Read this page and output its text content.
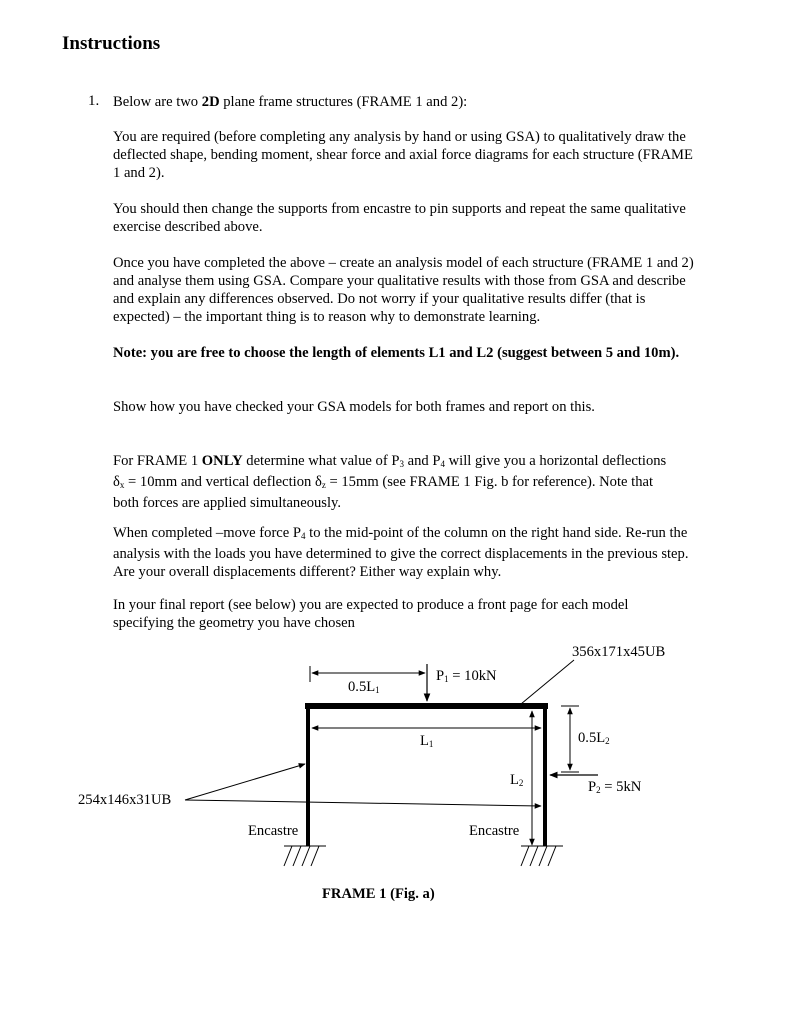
Instructions
1. Below are two 2D plane frame structures (FRAME 1 and 2):

You are required (before completing any analysis by hand or using GSA) to qualitatively draw the deflected shape, bending moment, shear force and axial force diagrams for each structure (FRAME 1 and 2).

You should then change the supports from encastre to pin supports and repeat the same qualitative exercise described above.

Once you have completed the above – create an analysis model of each structure (FRAME 1 and 2) and analyse them using GSA. Compare your qualitative results with those from GSA and describe and explain any differences observed. Do not worry if your qualitative results differ (that is expected) – the important thing is to reason why to demonstrate learning.

Note: you are free to choose the length of elements L1 and L2 (suggest between 5 and 10m).

Show how you have checked your GSA models for both frames and report on this.

For FRAME 1 ONLY determine what value of $P_3$ and $P_4$ will give you a horizontal deflections $\delta_x = 10mm$ and vertical deflection $\delta_z = 15mm$ (see FRAME 1 Fig. b for reference). Note that both forces are applied simultaneously.

When completed –move force $P_4$ to the mid-point of the column on the right hand side. Re-run the analysis with the loads you have determined to give the correct displacements in the previous step. Are your overall displacements different? Either way explain why.

In your final report (see below) you are expected to produce a front page for each model specifying the geometry you have chosen

0.5L1
P1 = 10kN
356x171x45UB
L1
L2
0.5L2
P2 = 5kN
254x146x31UB
Encastre	Encastre
FRAME 1 (Fig. a)
